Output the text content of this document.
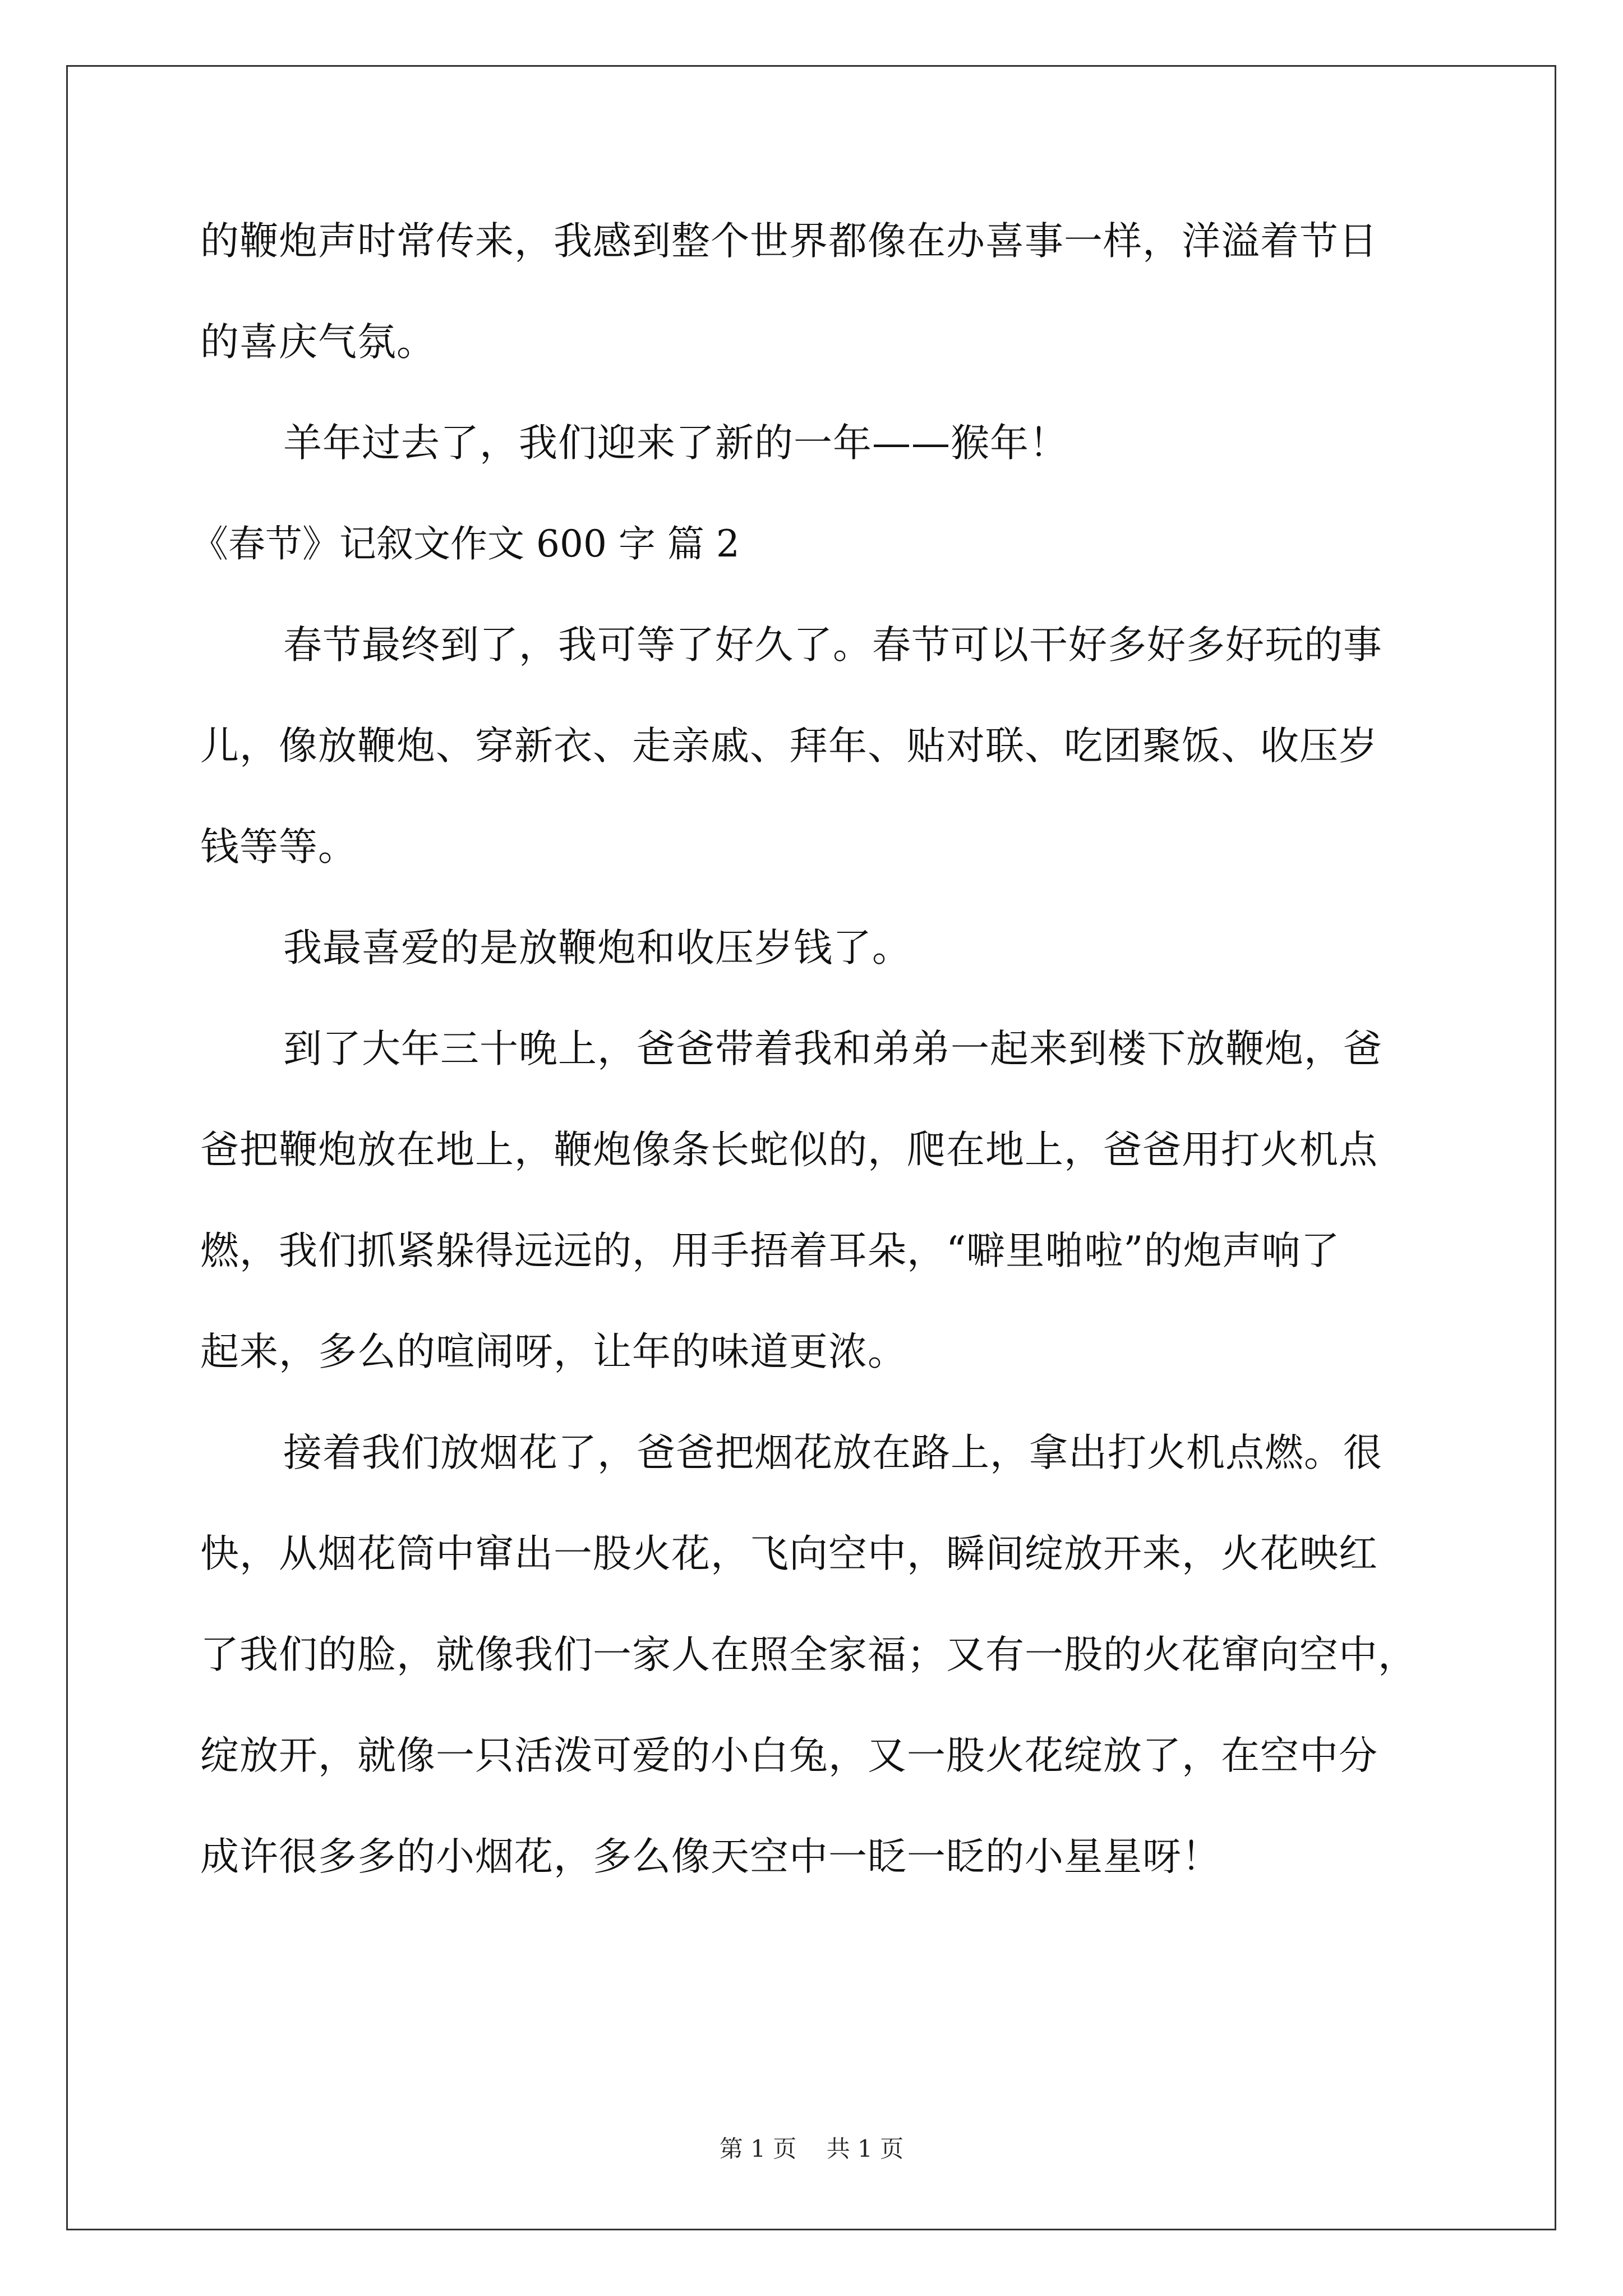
的鞭炮声时常传来，我感到整个世界都像在办喜事一样，洋溢着节日
的喜庆气氛。
羊年过去了，我们迎来了新的一年——猴年！
《春节》记叙文作文 600 字 篇 2
春节最终到了，我可等了好久了。春节可以干好多好多好玩的事
儿，像放鞭炮、穿新衣、走亲戚、拜年、贴对联、吃团聚饭、收压岁
钱等等。
我最喜爱的是放鞭炮和收压岁钱了。
到了大年三十晚上，爸爸带着我和弟弟一起来到楼下放鞭炮，爸
爸把鞭炮放在地上，鞭炮像条长蛇似的，爬在地上，爸爸用打火机点
燃，我们抓紧躲得远远的，用手捂着耳朵，“噼里啪啦”的炮声响了
起来，多么的喧闹呀，让年的味道更浓。
接着我们放烟花了，爸爸把烟花放在路上，拿出打火机点燃。很
快，从烟花筒中窜出一股火花，飞向空中，瞬间绽放开来，火花映红
了我们的脸，就像我们一家人在照全家福；又有一股的火花窜向空中，
绽放开，就像一只活泼可爱的小白兔，又一股火花绽放了，在空中分
成许很多多的小烟花，多么像天空中一眨一眨的小星星呀！
第 1 页    共 1 页
